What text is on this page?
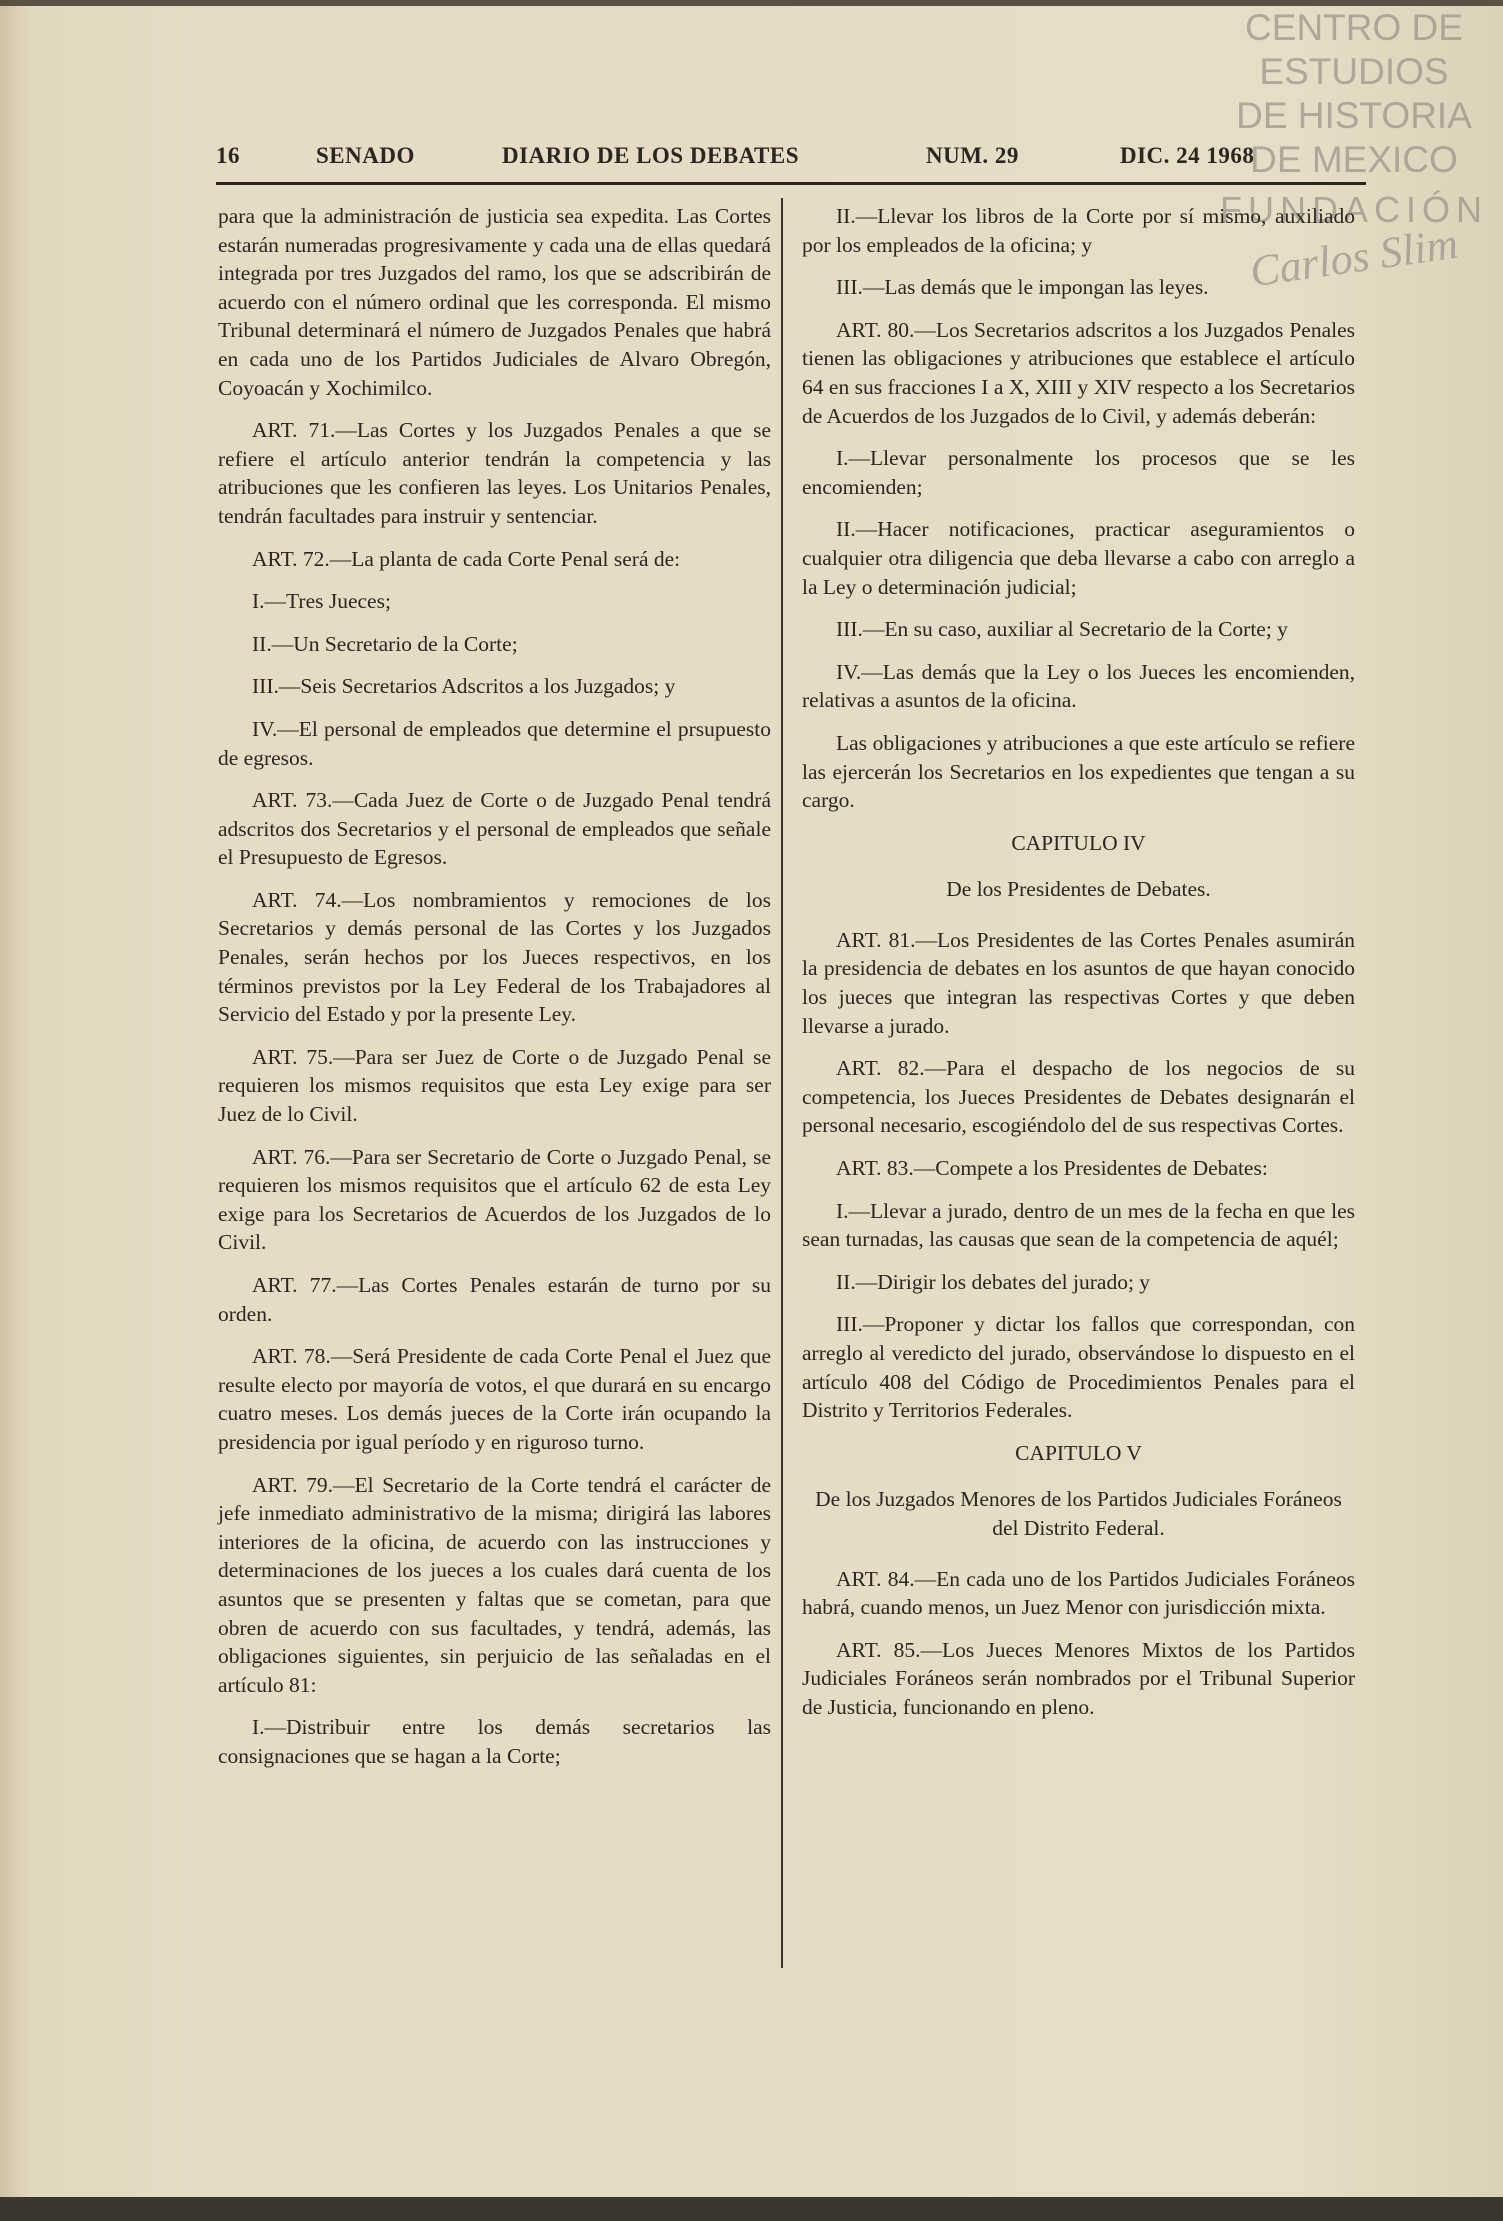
CENTRO DE
ESTUDIOS
DE HISTORIA
DE MEXICO
FUNDACIÓN
Carlos Slim
16	SENADO	DIARIO DE LOS DEBATES	NUM. 29	DIC. 24 1968

para que la administración de justicia sea expedita. Las Cortes estarán numeradas progresivamente y cada una de ellas quedará integrada por tres Juzgados del ramo, los que se adscribirán de acuerdo con el número ordinal que les corresponda. El mismo Tribunal determinará el número de Juzgados Penales que habrá en cada uno de los Partidos Judiciales de Alvaro Obregón, Coyoacán y Xochimilco.

ART. 71.—Las Cortes y los Juzgados Penales a que se refiere el artículo anterior tendrán la competencia y las atribuciones que les confieren las leyes. Los Unitarios Penales, tendrán facultades para instruir y sentenciar.

ART. 72.—La planta de cada Corte Penal será de:

I.—Tres Jueces;

II.—Un Secretario de la Corte;

III.—Seis Secretarios Adscritos a los Juzgados; y

IV.—El personal de empleados que determine el prsupuesto de egresos.

ART. 73.—Cada Juez de Corte o de Juzgado Penal tendrá adscritos dos Secretarios y el personal de empleados que señale el Presupuesto de Egresos.

ART. 74.—Los nombramientos y remociones de los Secretarios y demás personal de las Cortes y los Juzgados Penales, serán hechos por los Jueces respectivos, en los términos previstos por la Ley Federal de los Trabajadores al Servicio del Estado y por la presente Ley.

ART. 75.—Para ser Juez de Corte o de Juzgado Penal se requieren los mismos requisitos que esta Ley exige para ser Juez de lo Civil.

ART. 76.—Para ser Secretario de Corte o Juzgado Penal, se requieren los mismos requisitos que el artículo 62 de esta Ley exige para los Secretarios de Acuerdos de los Juzgados de lo Civil.

ART. 77.—Las Cortes Penales estarán de turno por su orden.

ART. 78.—Será Presidente de cada Corte Penal el Juez que resulte electo por mayoría de votos, el que durará en su encargo cuatro meses. Los demás jueces de la Corte irán ocupando la presidencia por igual período y en riguroso turno.

ART. 79.—El Secretario de la Corte tendrá el carácter de jefe inmediato administrativo de la misma; dirigirá las labores interiores de la oficina, de acuerdo con las instrucciones y determinaciones de los jueces a los cuales dará cuenta de los asuntos que se presenten y faltas que se cometan, para que obren de acuerdo con sus facultades, y tendrá, además, las obligaciones siguientes, sin perjuicio de las señaladas en el artículo 81:

I.—Distribuir entre los demás secretarios las consignaciones que se hagan a la Corte;

II.—Llevar los libros de la Corte por sí mismo, auxiliado por los empleados de la oficina; y

III.—Las demás que le impongan las leyes.

ART. 80.—Los Secretarios adscritos a los Juzgados Penales tienen las obligaciones y atribuciones que establece el artículo 64 en sus fracciones I a X, XIII y XIV respecto a los Secretarios de Acuerdos de los Juzgados de lo Civil, y además deberán:

I.—Llevar personalmente los procesos que se les encomienden;

II.—Hacer notificaciones, practicar aseguramientos o cualquier otra diligencia que deba llevarse a cabo con arreglo a la Ley o determinación judicial;

III.—En su caso, auxiliar al Secretario de la Corte; y

IV.—Las demás que la Ley o los Jueces les encomienden, relativas a asuntos de la oficina.

Las obligaciones y atribuciones a que este artículo se refiere las ejercerán los Secretarios en los expedientes que tengan a su cargo.

CAPITULO IV

De los Presidentes de Debates.

ART. 81.—Los Presidentes de las Cortes Penales asumirán la presidencia de debates en los asuntos de que hayan conocido los jueces que integran las respectivas Cortes y que deben llevarse a jurado.

ART. 82.—Para el despacho de los negocios de su competencia, los Jueces Presidentes de Debates designarán el personal necesario, escogiéndolo del de sus respectivas Cortes.

ART. 83.—Compete a los Presidentes de Debates:

I.—Llevar a jurado, dentro de un mes de la fecha en que les sean turnadas, las causas que sean de la competencia de aquél;

II.—Dirigir los debates del jurado; y

III.—Proponer y dictar los fallos que correspondan, con arreglo al veredicto del jurado, observándose lo dispuesto en el artículo 408 del Código de Procedimientos Penales para el Distrito y Territorios Federales.

CAPITULO V

De los Juzgados Menores de los Partidos Judiciales Foráneos del Distrito Federal.

ART. 84.—En cada uno de los Partidos Judiciales Foráneos habrá, cuando menos, un Juez Menor con jurisdicción mixta.

ART. 85.—Los Jueces Menores Mixtos de los Partidos Judiciales Foráneos serán nombrados por el Tribunal Superior de Justicia, funcionando en pleno.
